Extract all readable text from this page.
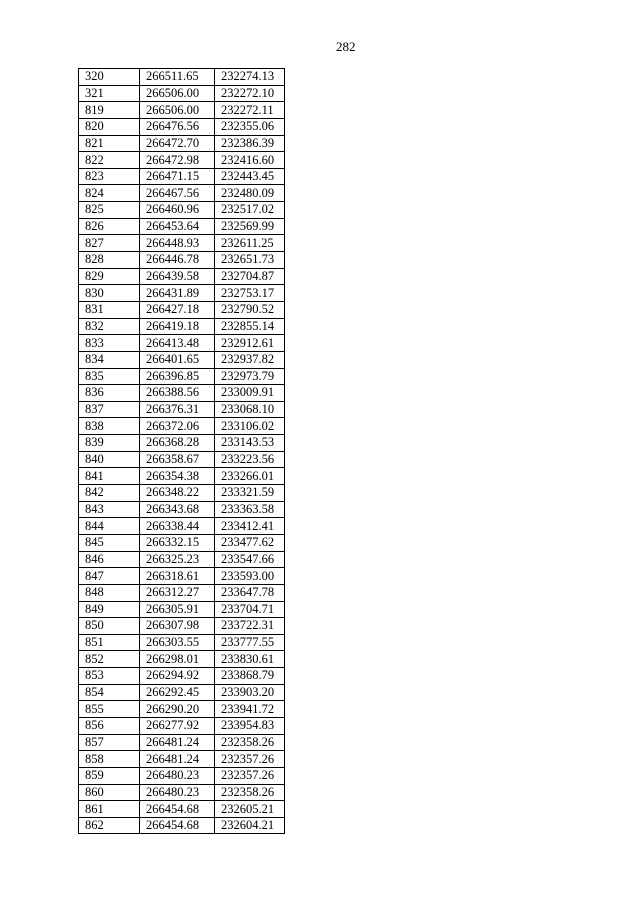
282
320	266511.65	232274.13
321	266506.00	232272.10
819	266506.00	232272.11
820	266476.56	232355.06
821	266472.70	232386.39
822	266472.98	232416.60
823	266471.15	232443.45
824	266467.56	232480.09
825	266460.96	232517.02
826	266453.64	232569.99
827	266448.93	232611.25
828	266446.78	232651.73
829	266439.58	232704.87
830	266431.89	232753.17
831	266427.18	232790.52
832	266419.18	232855.14
833	266413.48	232912.61
834	266401.65	232937.82
835	266396.85	232973.79
836	266388.56	233009.91
837	266376.31	233068.10
838	266372.06	233106.02
839	266368.28	233143.53
840	266358.67	233223.56
841	266354.38	233266.01
842	266348.22	233321.59
843	266343.68	233363.58
844	266338.44	233412.41
845	266332.15	233477.62
846	266325.23	233547.66
847	266318.61	233593.00
848	266312.27	233647.78
849	266305.91	233704.71
850	266307.98	233722.31
851	266303.55	233777.55
852	266298.01	233830.61
853	266294.92	233868.79
854	266292.45	233903.20
855	266290.20	233941.72
856	266277.92	233954.83
857	266481.24	232358.26
858	266481.24	232357.26
859	266480.23	232357.26
860	266480.23	232358.26
861	266454.68	232605.21
862	266454.68	232604.21
